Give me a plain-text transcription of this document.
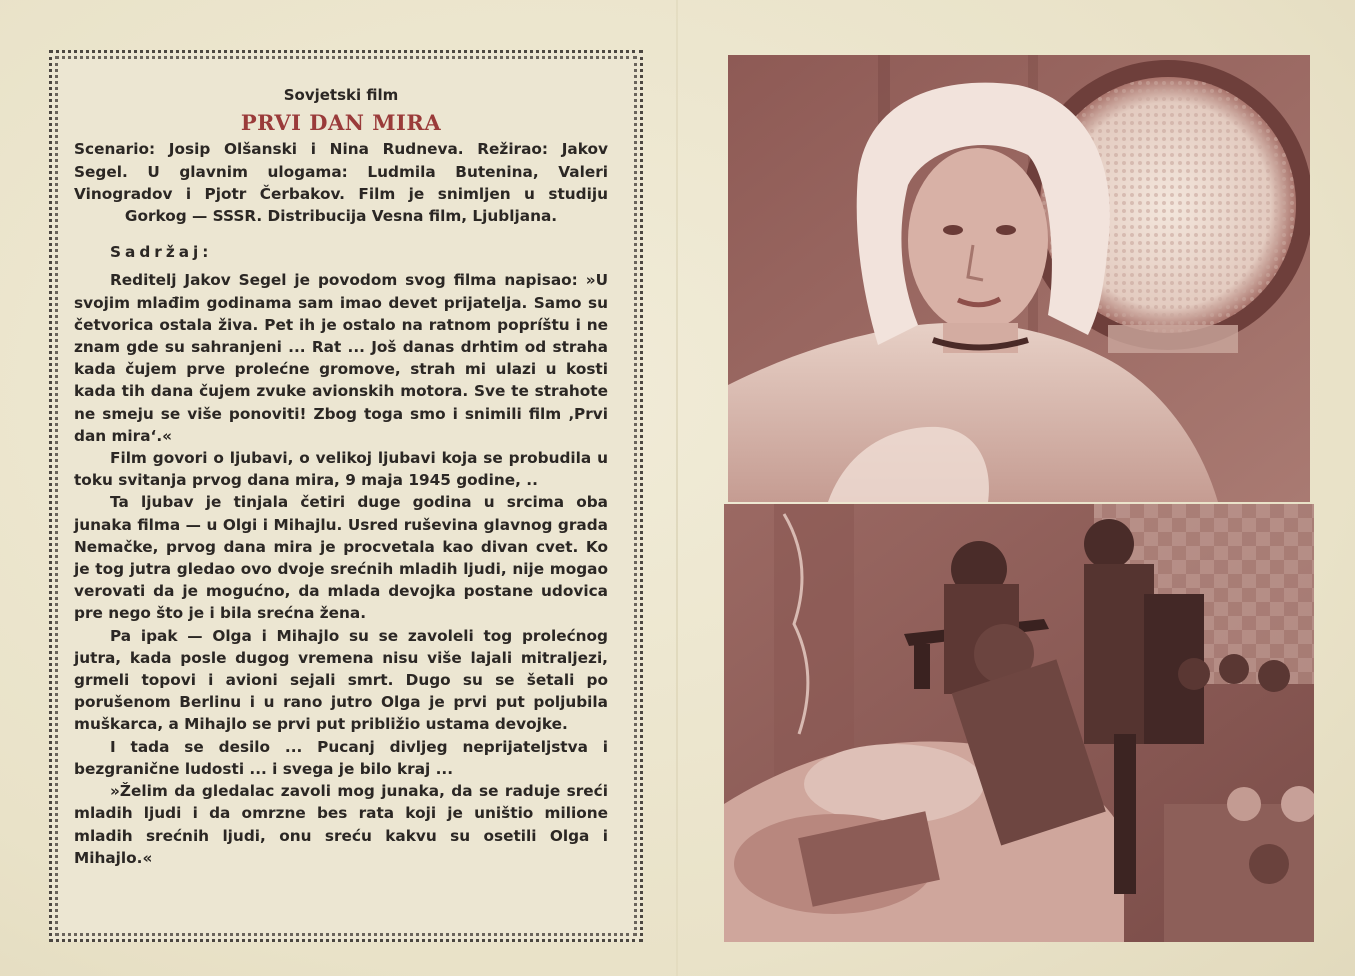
Sovjetski film
PRVI DAN MIRA
Scenario: Josip Olšanski i Nina Rudneva. Režirao: Jakov Segel. U glavnim ulogama: Ludmila Butenina, Valeri Vinogradov i Pjotr Čerbakov. Film je snimljen u studiju Gorkog — SSSR. Distribucija Vesna film, Ljubljana.
Sadržaj:

Reditelj Jakov Segel je povodom svog filma napisao: »U svojim mlađim godinama sam imao devet prijatelja. Samo su četvorica ostala živa. Pet ih je ostalo na ratnom popríštu i ne znam gde su sahranjeni ... Rat ... Još danas drhtim od straha kada čujem prve prolećne gromove, strah mi ulazi u kosti kada tih dana čujem zvuke avionskih motora. Sve te strahote ne smeju se više ponoviti! Zbog toga smo i snimili film ‚Prvi dan mira‘.«

Film govori o ljubavi, o velikoj ljubavi koja se probudila u toku svitanja prvog dana mira, 9 maja 1945 godine, ..

Ta ljubav je tinjala četiri duge godina u srcima oba junaka filma — u Olgi i Mihajlu. Usred ruševina glavnog grada Nemačke, prvog dana mira je procvetala kao divan cvet. Ko je tog jutra gledao ovo dvoje srećnih mladih ljudi, nije mogao verovati da je mogućno, da mlada devojka postane udovica pre nego što je i bila srećna žena.

Pa ipak — Olga i Mihajlo su se zavoleli tog prolećnog jutra, kada posle dugog vremena nisu više lajali mitraljezi, grmeli topovi i avioni sejali smrt. Dugo su se šetali po porušenom Berlinu i u rano jutro Olga je prvi put poljubila muškarca, a Mihajlo se prvi put približio ustama devojke.

I tada se desilo ... Pucanj divljeg neprijateljstva i bezgranične ludosti ... i svega je bilo kraj ...

»Želim da gledalac zavoli mog junaka, da se raduje sreći mladih ljudi i da omrzne bes rata koji je uništio milione mladih srećnih ljudi, onu sreću kakvu su osetili Olga i Mihajlo.«
